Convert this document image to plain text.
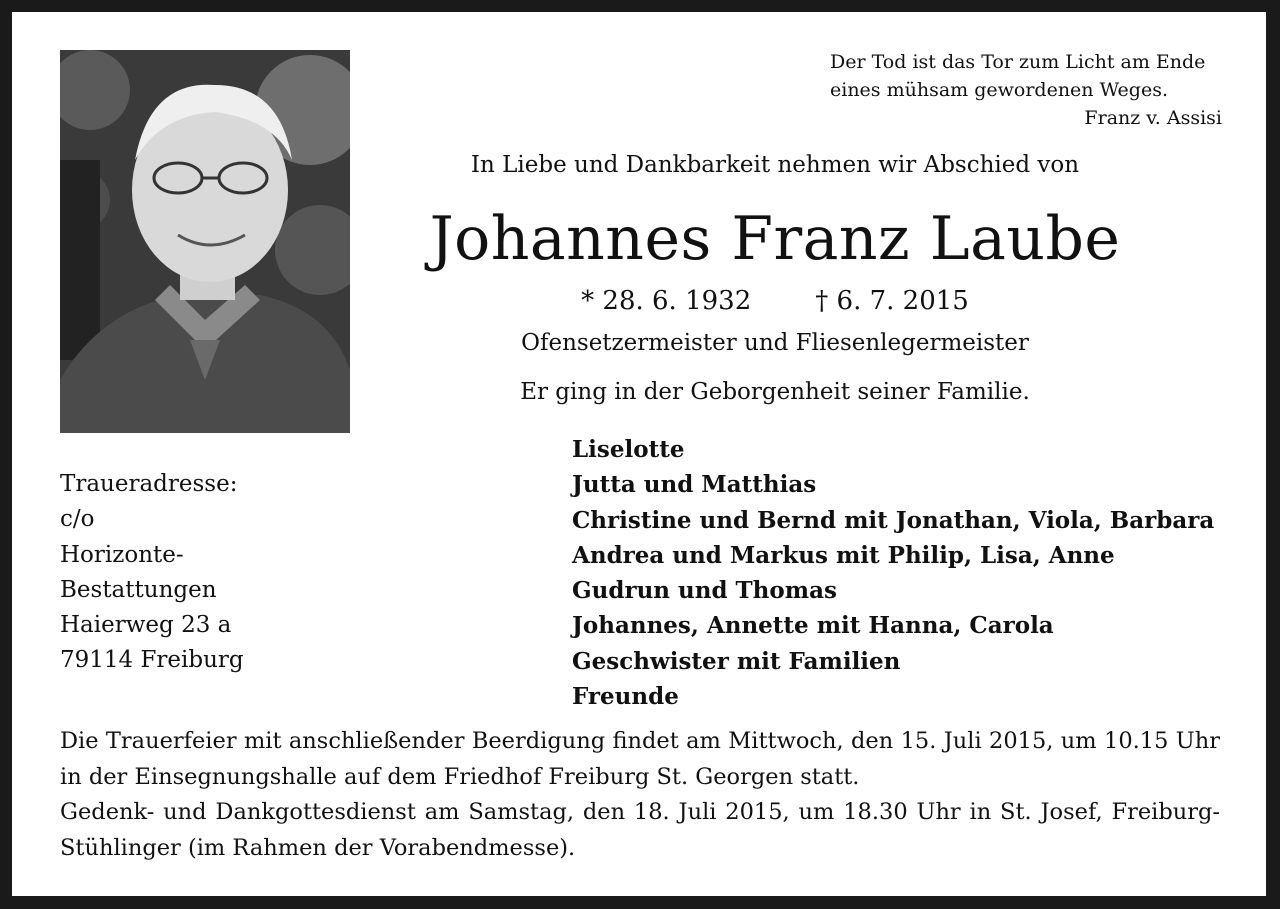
Der Tod ist das Tor zum Licht am Ende
eines mühsam gewordenen Weges.
Franz v. Assisi
In Liebe und Dankbarkeit nehmen wir Abschied von
Johannes Franz Laube
* 28. 6. 1932 † 6. 7. 2015
Ofensetzermeister und Fliesenlegermeister
Er ging in der Geborgenheit seiner Familie.
Traueradresse:
c/o
Horizonte-
Bestattungen
Haierweg 23 a
79114 Freiburg
Liselotte
Jutta und Matthias
Christine und Bernd mit Jonathan, Viola, Barbara
Andrea und Markus mit Philip, Lisa, Anne
Gudrun und Thomas
Johannes, Annette mit Hanna, Carola
Geschwister mit Familien
Freunde

Die Trauerfeier mit anschließender Beerdigung findet am Mittwoch, den 15. Juli 2015, um 10.15 Uhr in der Einsegnungshalle auf dem Friedhof Freiburg St. Georgen statt.

Gedenk- und Dankgottesdienst am Samstag, den 18. Juli 2015, um 18.30 Uhr in St. Josef, Freiburg-Stühlinger (im Rahmen der Vorabendmesse).
